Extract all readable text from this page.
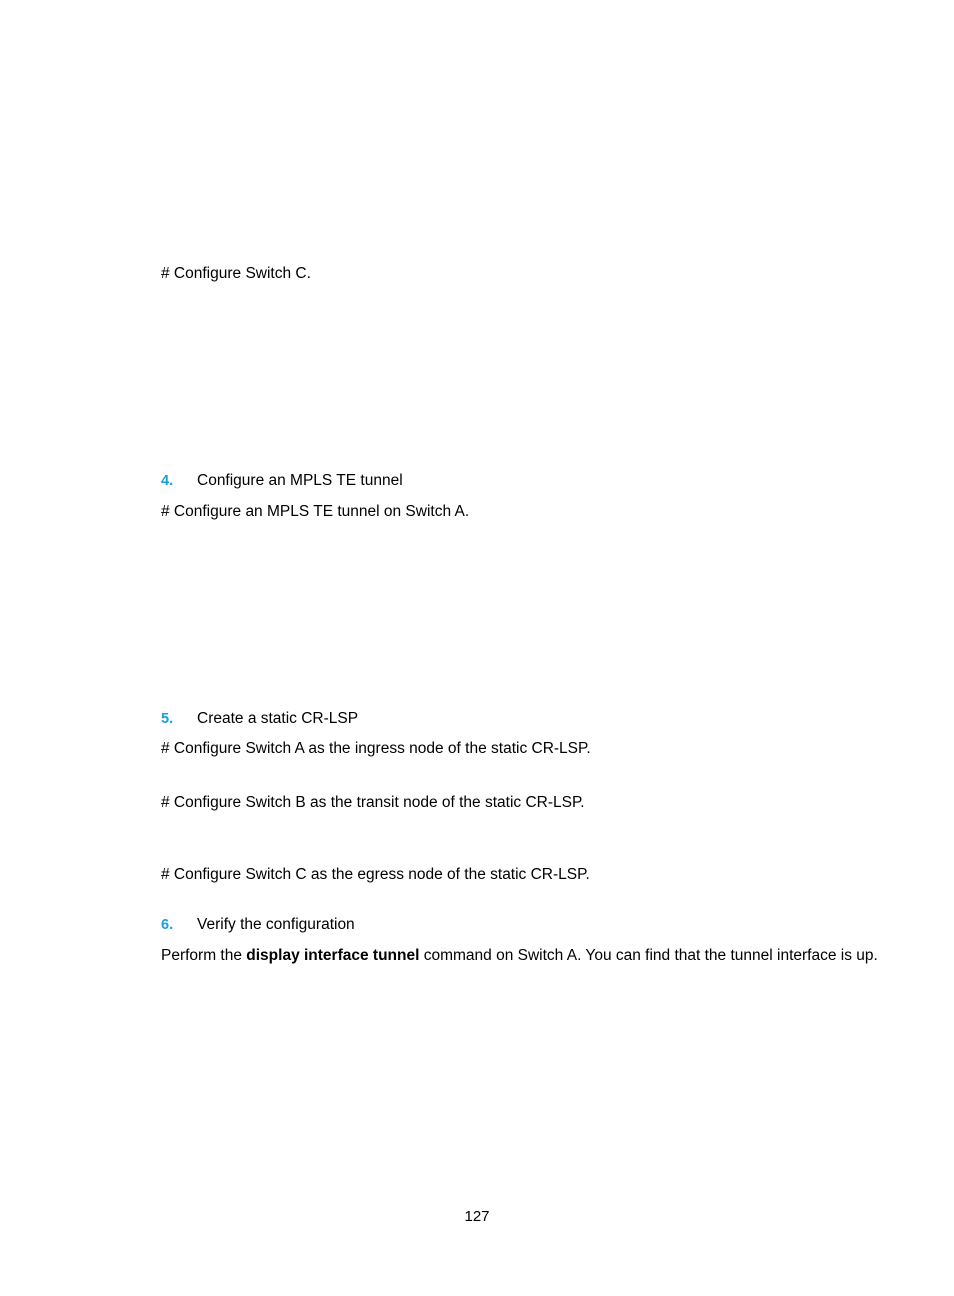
# Configure Switch C.
4. Configure an MPLS TE tunnel
# Configure an MPLS TE tunnel on Switch A.
5. Create a static CR-LSP
# Configure Switch A as the ingress node of the static CR-LSP.
# Configure Switch B as the transit node of the static CR-LSP.
# Configure Switch C as the egress node of the static CR-LSP.
6. Verify the configuration
Perform the display interface tunnel command on Switch A. You can find that the tunnel interface is up.
127
